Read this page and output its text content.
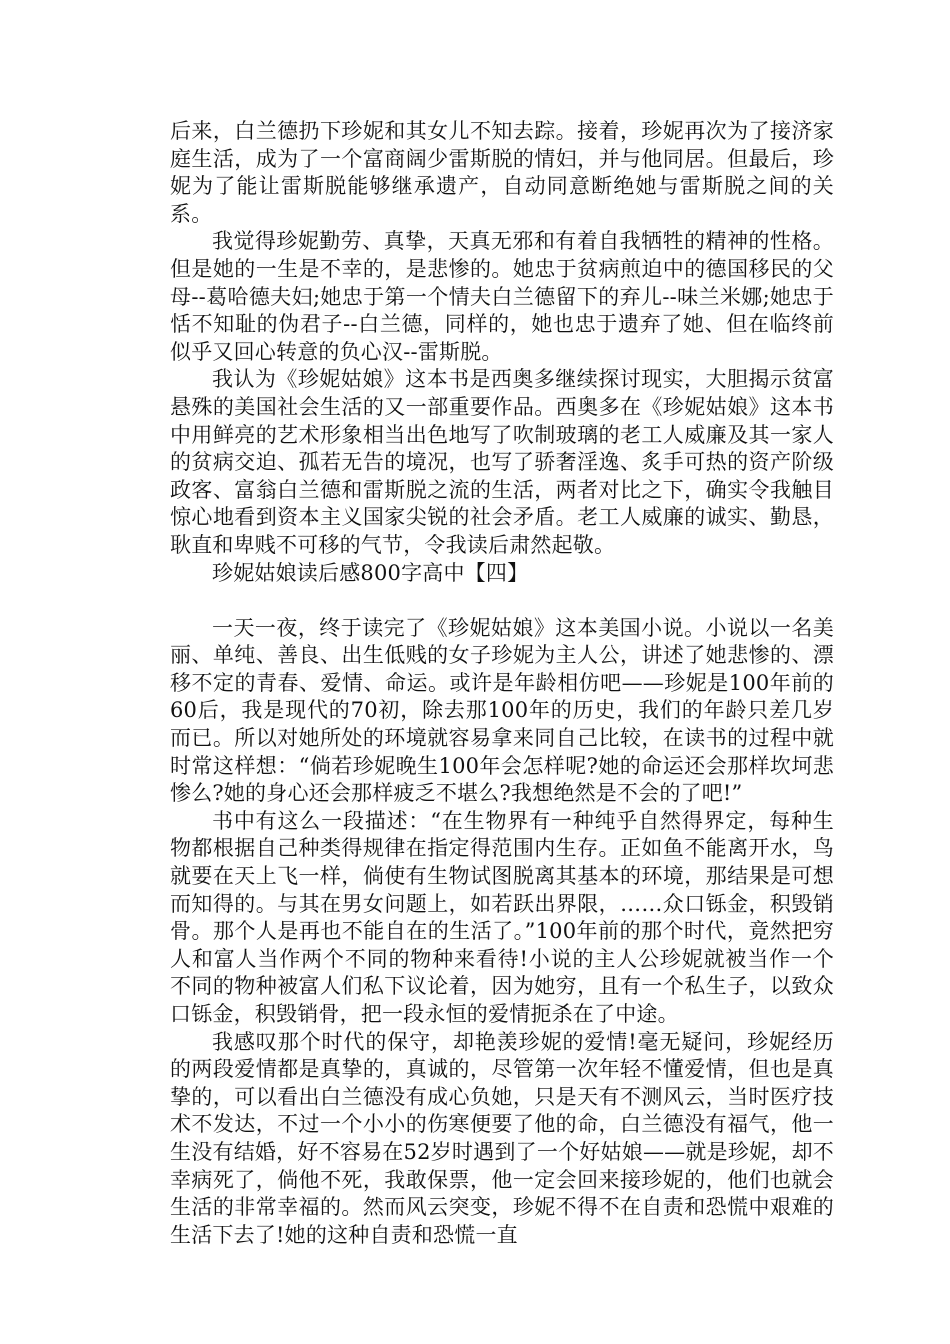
后来，白兰德扔下珍妮和其女儿不知去踪。接着，珍妮再次为了接济家庭生活，成为了一个富商阔少雷斯脱的情妇，并与他同居。但最后，珍妮为了能让雷斯脱能够继承遗产，自动同意断绝她与雷斯脱之间的关系。

我觉得珍妮勤劳、真挚，天真无邪和有着自我牺牲的精神的性格。但是她的一生是不幸的，是悲惨的。她忠于贫病煎迫中的德国移民的父母--葛哈德夫妇;她忠于第一个情夫白兰德留下的弃儿--味兰米娜;她忠于恬不知耻的伪君子--白兰德，同样的，她也忠于遗弃了她、但在临终前似乎又回心转意的负心汉--雷斯脱。

我认为《珍妮姑娘》这本书是西奥多继续探讨现实，大胆揭示贫富悬殊的美国社会生活的又一部重要作品。西奥多在《珍妮姑娘》这本书中用鲜亮的艺术形象相当出色地写了吹制玻璃的老工人威廉及其一家人的贫病交迫、孤若无告的境况，也写了骄奢淫逸、炙手可热的资产阶级政客、富翁白兰德和雷斯脱之流的生活，两者对比之下，确实令我触目惊心地看到资本主义国家尖锐的社会矛盾。老工人威廉的诚实、勤恳，耿直和卑贱不可移的气节，令我读后肃然起敬。

珍妮姑娘读后感800字高中【四】

一天一夜，终于读完了《珍妮姑娘》这本美国小说。小说以一名美丽、单纯、善良、出生低贱的女子珍妮为主人公，讲述了她悲惨的、漂移不定的青春、爱情、命运。或许是年龄相仿吧——珍妮是100年前的60后，我是现代的70初，除去那100年的历史，我们的年龄只差几岁而已。所以对她所处的环境就容易拿来同自己比较，在读书的过程中就时常这样想：“倘若珍妮晚生100年会怎样呢?她的命运还会那样坎坷悲惨么?她的身心还会那样疲乏不堪么?我想绝然是不会的了吧!”

书中有这么一段描述：“在生物界有一种纯乎自然得界定，每种生物都根据自己种类得规律在指定得范围内生存。正如鱼不能离开水，鸟就要在天上飞一样，倘使有生物试图脱离其基本的环境，那结果是可想而知得的。与其在男女问题上，如若跃出界限，……众口铄金，积毁销骨。那个人是再也不能自在的生活了。”100年前的那个时代，竟然把穷人和富人当作两个不同的物种来看待!小说的主人公珍妮就被当作一个不同的物种被富人们私下议论着，因为她穷，且有一个私生子，以致众口铄金，积毁销骨，把一段永恒的爱情扼杀在了中途。

我感叹那个时代的保守，却艳羡珍妮的爱情!毫无疑问，珍妮经历的两段爱情都是真挚的，真诚的，尽管第一次年轻不懂爱情，但也是真挚的，可以看出白兰德没有成心负她，只是天有不测风云，当时医疗技术不发达，不过一个小小的伤寒便要了他的命，白兰德没有福气，他一生没有结婚，好不容易在52岁时遇到了一个好姑娘——就是珍妮，却不幸病死了，倘他不死，我敢保票，他一定会回来接珍妮的，他们也就会生活的非常幸福的。然而风云突变，珍妮不得不在自责和恐慌中艰难的生活下去了!她的这种自责和恐慌一直
